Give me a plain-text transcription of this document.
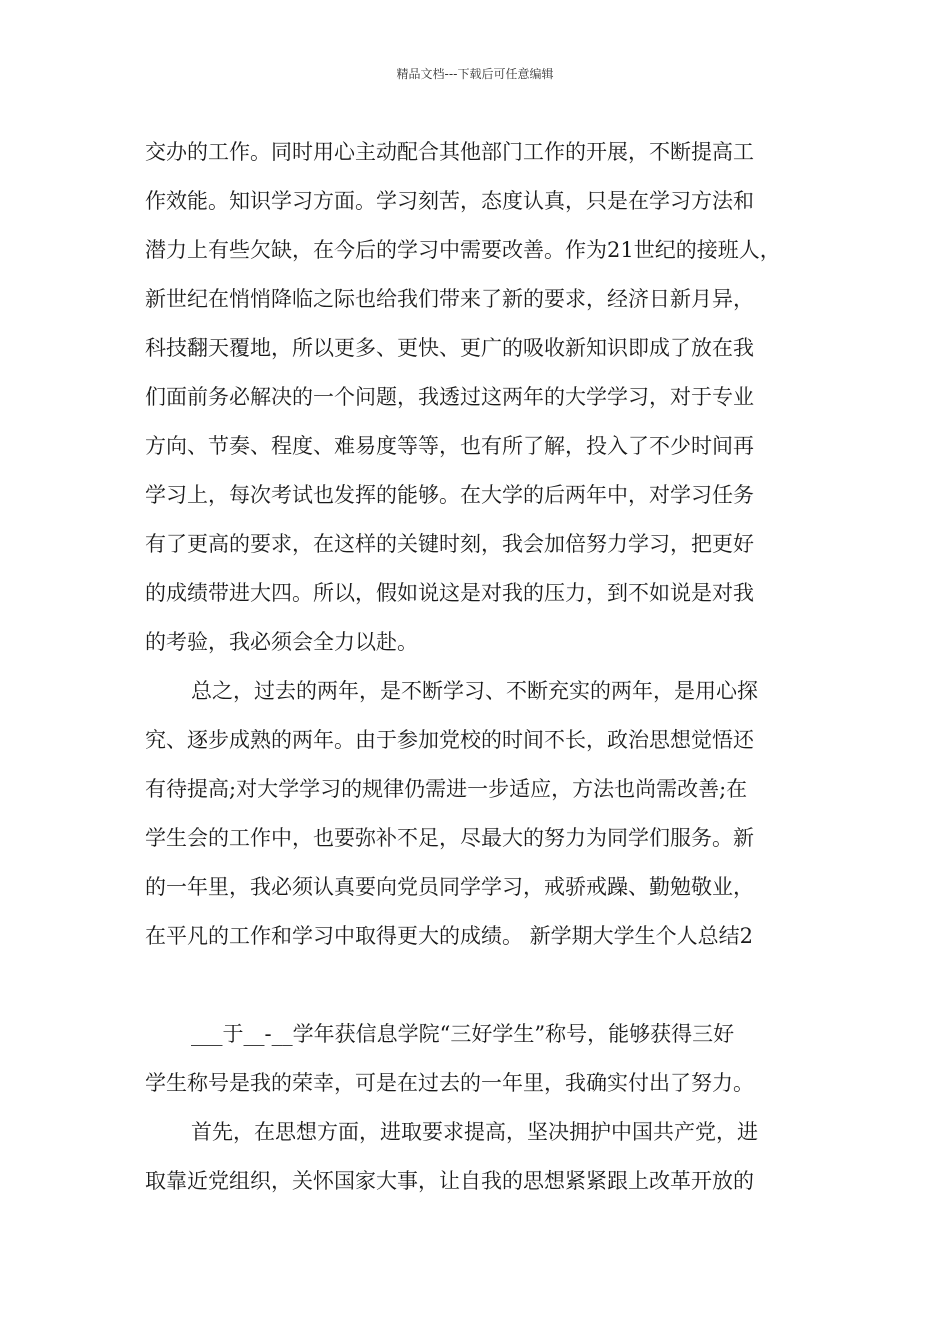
精品文档---下载后可任意编辑
交办的工作。同时用心主动配合其他部门工作的开展，不断提高工
作效能。知识学习方面。学习刻苦，态度认真，只是在学习方法和
潜力上有些欠缺，在今后的学习中需要改善。作为21世纪的接班人，
新世纪在悄悄降临之际也给我们带来了新的要求，经济日新月异，
科技翻天覆地，所以更多、更快、更广的吸收新知识即成了放在我
们面前务必解决的一个问题，我透过这两年的大学学习，对于专业
方向、节奏、程度、难易度等等，也有所了解，投入了不少时间再
学习上，每次考试也发挥的能够。在大学的后两年中，对学习任务
有了更高的要求，在这样的关键时刻，我会加倍努力学习，把更好
的成绩带进大四。所以，假如说这是对我的压力，到不如说是对我
的考验，我必须会全力以赴。
总之，过去的两年，是不断学习、不断充实的两年，是用心探
究、逐步成熟的两年。由于参加党校的时间不长，政治思想觉悟还
有待提高;对大学学习的规律仍需进一步适应，方法也尚需改善;在
学生会的工作中，也要弥补不足，尽最大的努力为同学们服务。新
的一年里，我必须认真要向党员同学学习，戒骄戒躁、勤勉敬业，
在平凡的工作和学习中取得更大的成绩。 新学期大学生个人总结2
___于__-__学年获信息学院“三好学生”称号，能够获得三好
学生称号是我的荣幸，可是在过去的一年里，我确实付出了努力。
首先，在思想方面，进取要求提高，坚决拥护中国共产党，进
取靠近党组织，关怀国家大事，让自我的思想紧紧跟上改革开放的
